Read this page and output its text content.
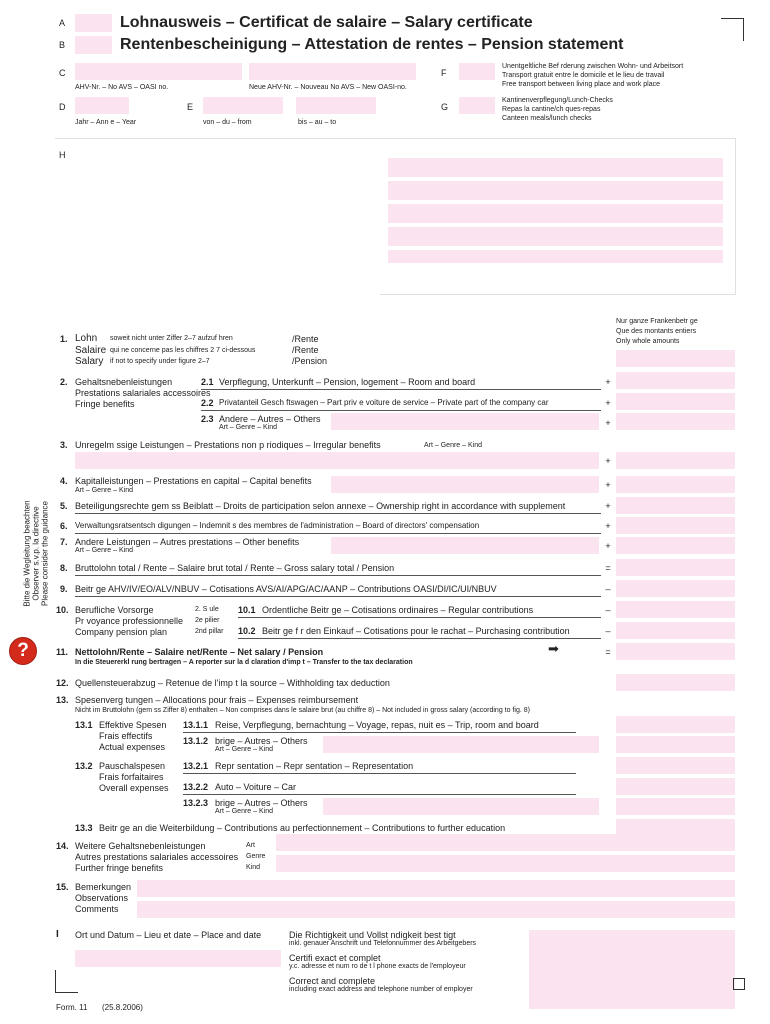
A	Lohnausweis – Certificat de salaire – Salary certificate
B	Rentenbescheinigung – Attestation de rentes – Pension statement
C
AHV-Nr. – No AVS – OASI no.	Neue AHV-Nr. – Nouveau No AVS – New OASI-no.
F
Unentgeltliche Bef rderung zwischen Wohn- und Arbeitsort
Transport gratuit entre le domicile et le lieu de travail
Free transport between living place and work place
G
Kantinenverpflegung/Lunch-Checks
Repas la cantine/ch ques-repas
Canteen meals/lunch checks
D
Jahr – Ann e – Year
E
von – du – from	bis – au – to
H
Nur ganze Frankenbetr ge
Que des montants entiers
Only whole amounts
Bitte die Wegleitung beachten Observer s.v.p. la directive Please consider the guidance
?
1. Lohn soweit nicht unter Ziffer 2–7 aufzuf hren	/Rente
Salaire qui ne concerne pas les chiffres 2 7 ci-dessous	/Rente
Salary if not to specify under figure 2–7	/Pension
2. Gehaltsnebenleistungen
Prestations salariales accessoires
Fringe benefits
2.1 Verpflegung, Unterkunft – Pension, logement – Room and board	+
2.2 Privatanteil Gesch ftswagen – Part priv e voiture de service – Private part of the company car	+
2.3 Andere – Autres – Others
Art – Genre – Kind	+
3. Unregelm ssige Leistungen – Prestations non p riodiques – Irregular benefits	Art – Genre – Kind
+
4. Kapitalleistungen – Prestations en capital – Capital benefits
Art – Genre – Kind
+
5. Beteiligungsrechte gem ss Beiblatt – Droits de participation selon annexe – Ownership right in accordance with supplement	+
6. Verwaltungsratsentsch digungen – Indemnit s des membres de l'administration – Board of directors' compensation	+
7. Andere Leistungen – Autres prestations – Other benefits
Art – Genre – Kind	+
8. Bruttolohn total / Rente – Salaire brut total / Rente – Gross salary total / Pension	=
9. Beitr ge AHV/IV/EO/ALV/NBUV – Cotisations AVS/AI/APG/AC/AANP – Contributions OASI/DI/IC/UI/NBUV	–
10. Berufliche Vorsorge
Pr voyance professionnelle
Company pension plan
2. S ule
2e pilier
2nd pillar
10.1 Ordentliche Beitr ge – Cotisations ordinaires – Regular contributions	–
10.2 Beitr ge f r den Einkauf – Cotisations pour le rachat – Purchasing contribution	–
11. Nettolohn/Rente – Salaire net/Rente – Net salary / Pension	➡	=
In die Steuererkl rung bertragen – A reporter sur la d claration d'imp t – Transfer to the tax declaration
12. Quellensteuerabzug – Retenue de l'imp t la source – Withholding tax deduction
13. Spesenverg tungen – Allocations pour frais – Expenses reimbursement
Nicht im Bruttolohn (gem ss Ziffer 8) enthalten – Non comprises dans le salaire brut (au chiffre 8) – Not included in gross salary (according to fig. 8)
13.1 Effektive Spesen
Frais effectifs
Actual expenses
13.1.1 Reise, Verpflegung, bernachtung – Voyage, repas, nuit es – Trip, room and board
13.1.2 brige – Autres – Others
Art – Genre – Kind
13.2 Pauschalspesen
Frais forfaitaires
Overall expenses
13.2.1 Repr sentation – Repr sentation – Representation
13.2.2 Auto – Voiture – Car
13.2.3 brige – Autres – Others
Art – Genre – Kind
13.3 Beitr ge an die Weiterbildung – Contributions au perfectionnement – Contributions to further education
14. Weitere Gehaltsnebenleistungen
Autres prestations salariales accessoires
Further fringe benefits
Art
Genre
Kind
15. Bemerkungen
Observations
Comments
I Ort und Datum – Lieu et date – Place and date	Die Richtigkeit und Vollst ndigkeit best tigt
inkl. genauer Anschrift und Telefonnummer des Arbeitgebers
Certifi exact et complet
y.c. adresse et num ro de t l phone exacts de l'employeur
Correct and complete
including exact address and telephone number of employer
Form. 11 (25.8.2006)
